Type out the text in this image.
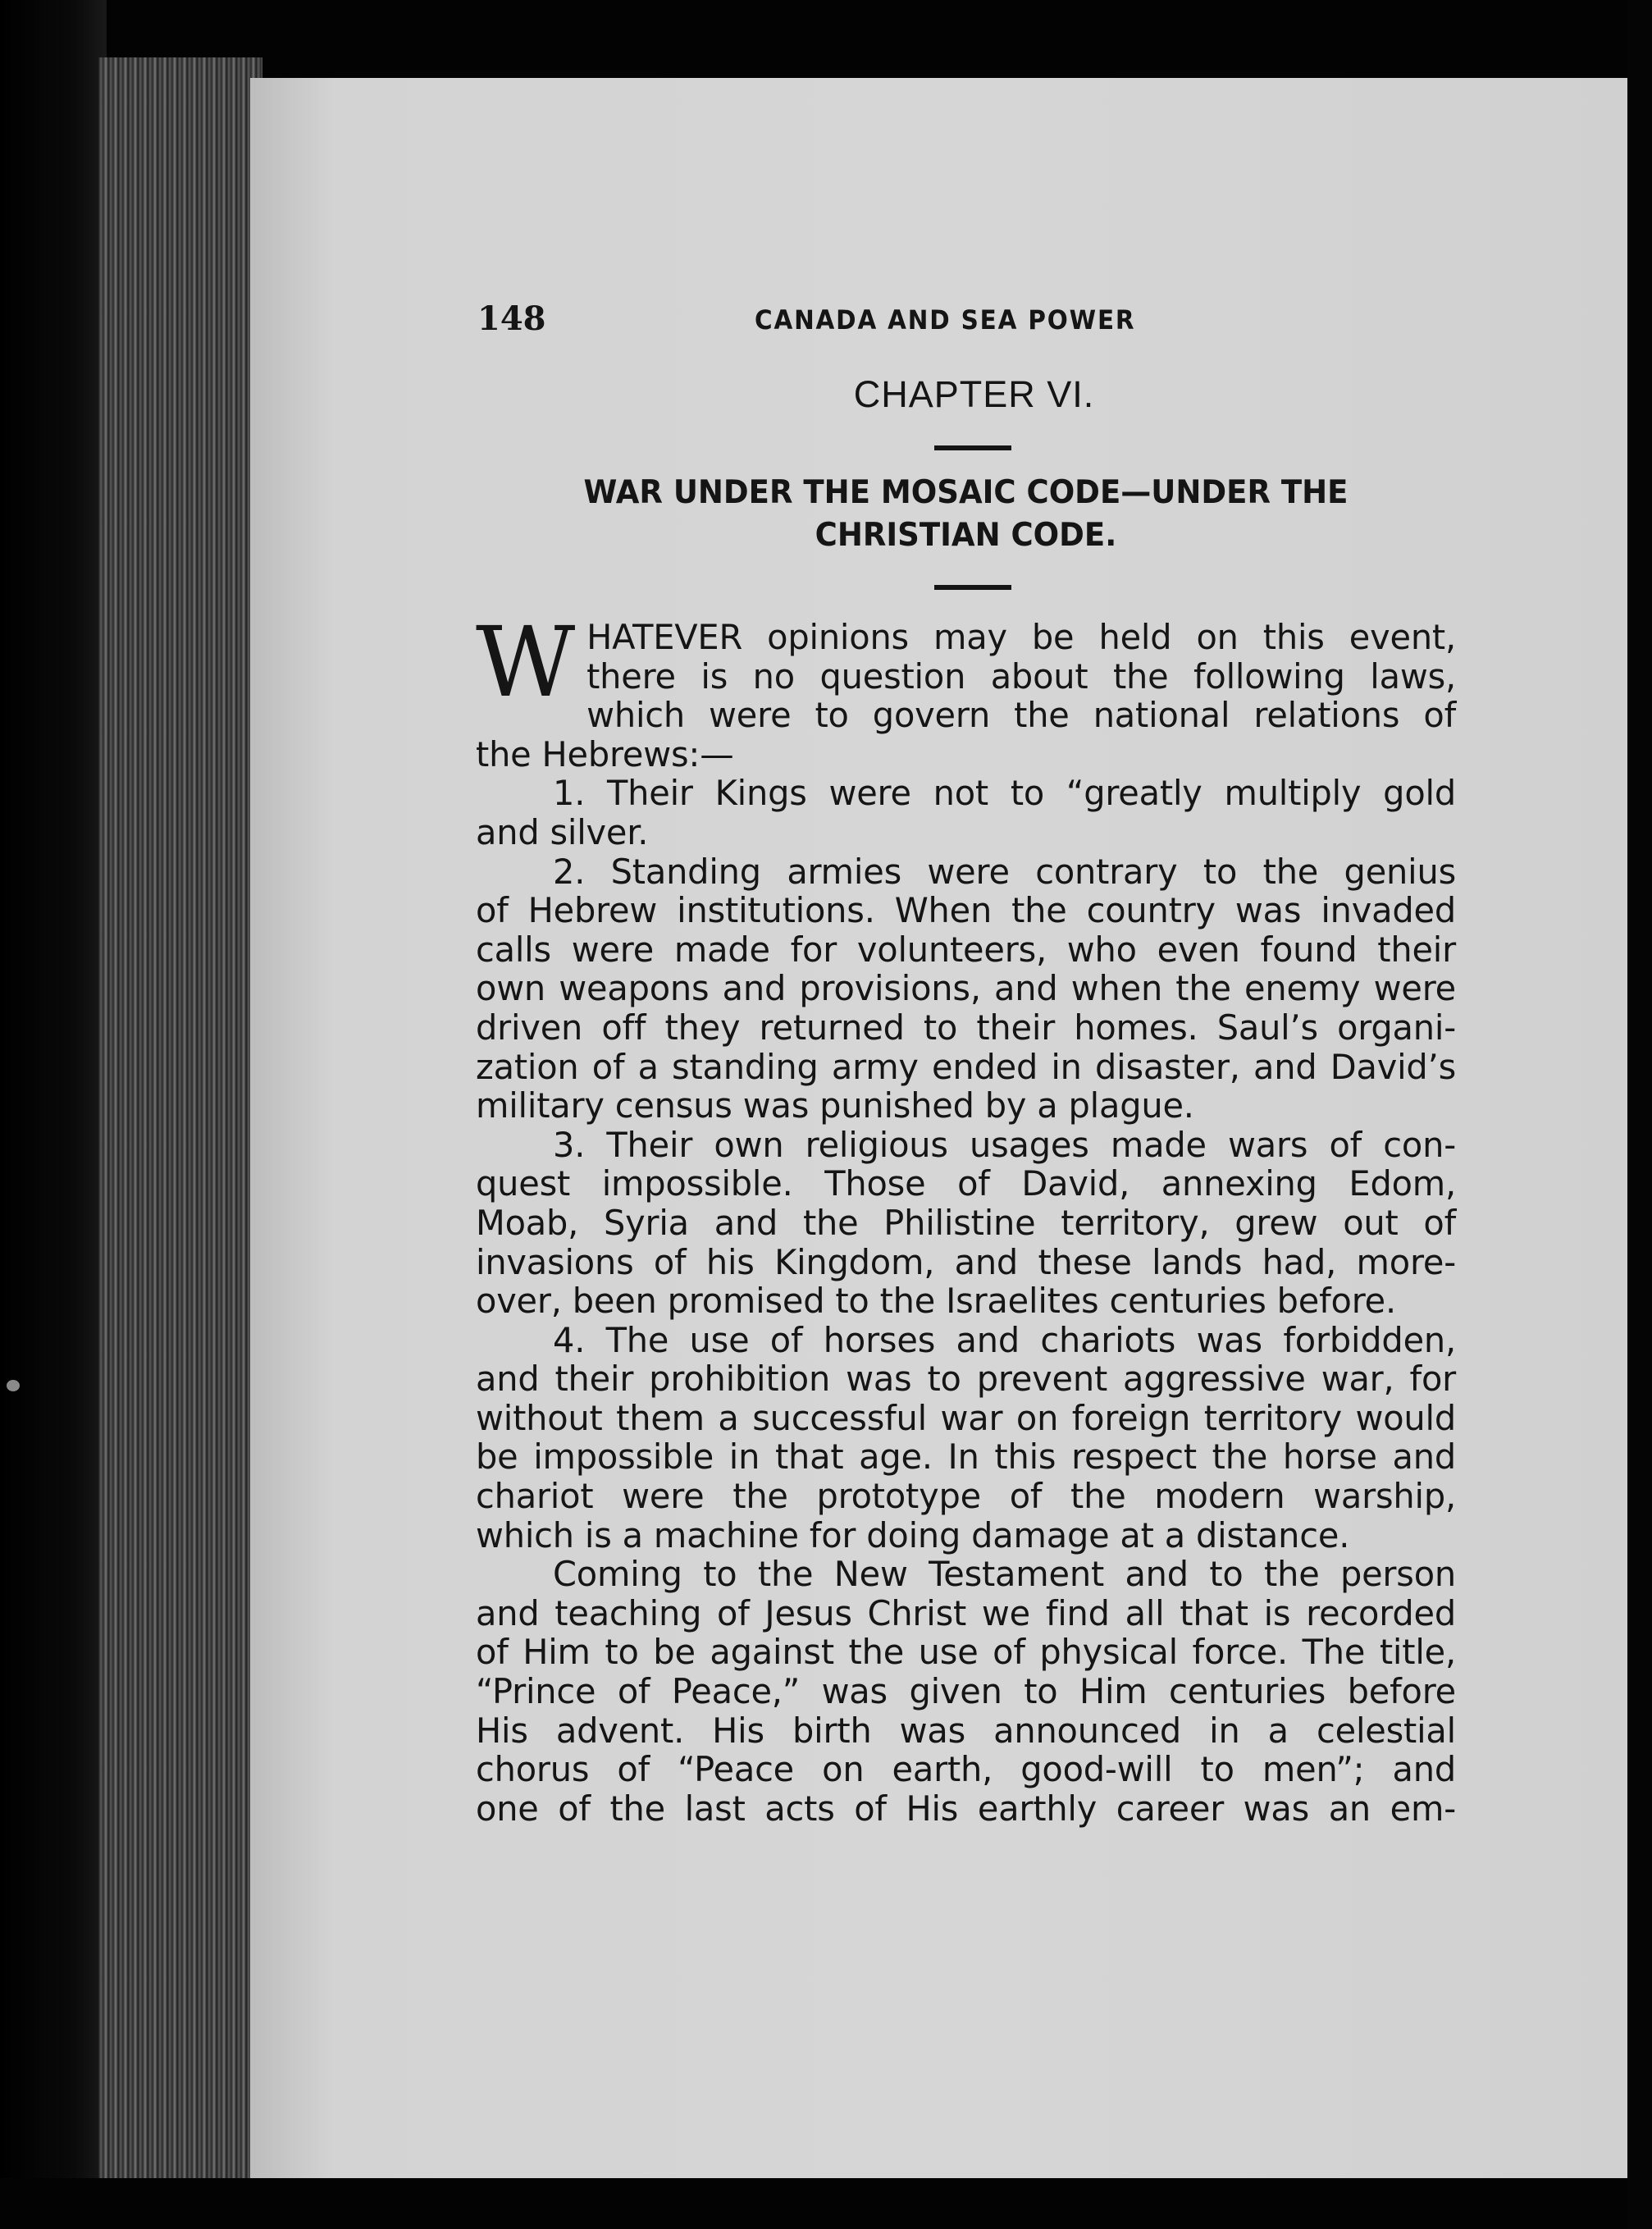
148	CANADA AND SEA POWER
CHAPTER VI.
WAR UNDER THE MOSAIC CODE—UNDER THE
CHRISTIAN CODE.

W HATEVER opinions may be held on this event,
there is no question about the following laws,
which were to govern the national relations of
the Hebrews:—

1. Their Kings were not to “greatly multiply gold
and silver.

2. Standing armies were contrary to the genius
of Hebrew institutions. When the country was invaded
calls were made for volunteers, who even found their
own weapons and provisions, and when the enemy were
driven off they returned to their homes. Saul’s organi-
zation of a standing army ended in disaster, and David’s
military census was punished by a plague.

3. Their own religious usages made wars of con-
quest impossible. Those of David, annexing Edom,
Moab, Syria and the Philistine territory, grew out of
invasions of his Kingdom, and these lands had, more-
over, been promised to the Israelites centuries before.

4. The use of horses and chariots was forbidden,
and their prohibition was to prevent aggressive war, for
without them a successful war on foreign territory would
be impossible in that age. In this respect the horse and
chariot were the prototype of the modern warship,
which is a machine for doing damage at a distance.

Coming to the New Testament and to the person
and teaching of Jesus Christ we find all that is recorded
of Him to be against the use of physical force. The title,
“Prince of Peace,” was given to Him centuries before
His advent. His birth was announced in a celestial
chorus of “Peace on earth, good-will to men”; and
one of the last acts of His earthly career was an em-
